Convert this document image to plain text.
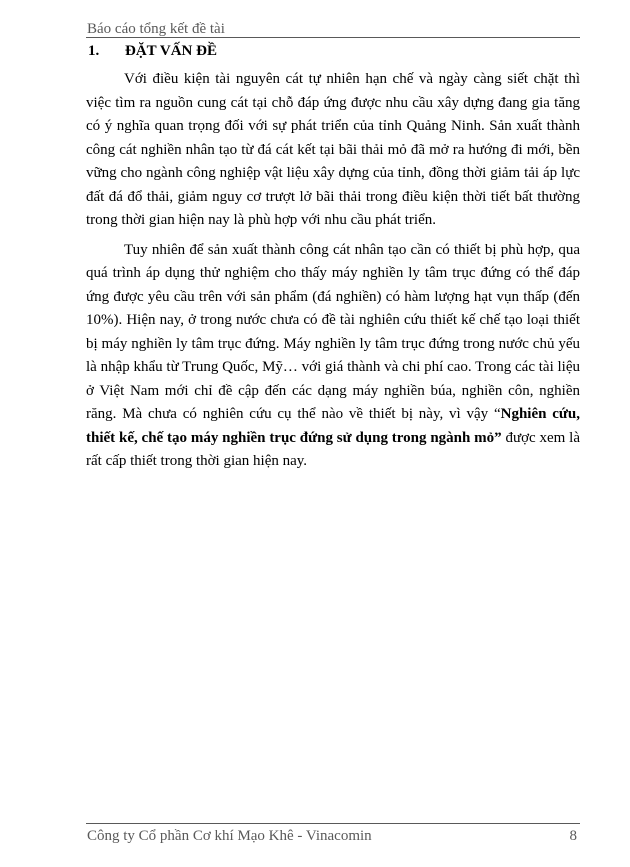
Báo cáo tổng kết đề tài
1. ĐẶT VẤN ĐỀ

Với điều kiện tài nguyên cát tự nhiên hạn chế và ngày càng siết chặt thì việc tìm ra nguồn cung cát tại chỗ đáp ứng được nhu cầu xây dựng đang gia tăng có ý nghĩa quan trọng đối với sự phát triển của tỉnh Quảng Ninh. Sản xuất thành công cát nghiền nhân tạo từ đá cát kết tại bãi thải mỏ đã mở ra hướng đi mới, bền vững cho ngành công nghiệp vật liệu xây dựng của tỉnh, đồng thời giảm tải áp lực đất đá đổ thải, giảm nguy cơ trượt lở bãi thải trong điều kiện thời tiết bất thường trong thời gian hiện nay là phù hợp với nhu cầu phát triển.

Tuy nhiên để sản xuất thành công cát nhân tạo cần có thiết bị phù hợp, qua quá trình áp dụng thử nghiệm cho thấy máy nghiền ly tâm trục đứng có thể đáp ứng được yêu cầu trên với sản phẩm (đá nghiền) có hàm lượng hạt vụn thấp (đến 10%). Hiện nay, ở trong nước chưa có đề tài nghiên cứu thiết kế chế tạo loại thiết bị máy nghiền ly tâm trục đứng. Máy nghiền ly tâm trục đứng trong nước chủ yếu là nhập khẩu từ Trung Quốc, Mỹ… với giá thành và chi phí cao. Trong các tài liệu ở Việt Nam mới chỉ đề cập đến các dạng máy nghiền búa, nghiền côn, nghiền răng. Mà chưa có nghiên cứu cụ thể nào về thiết bị này, vì vậy “Nghiên cứu, thiết kế, chế tạo máy nghiền trục đứng sử dụng trong ngành mỏ” được xem là rất cấp thiết trong thời gian hiện nay.

Công ty Cổ phần Cơ khí Mạo Khê - Vinacomin	8
